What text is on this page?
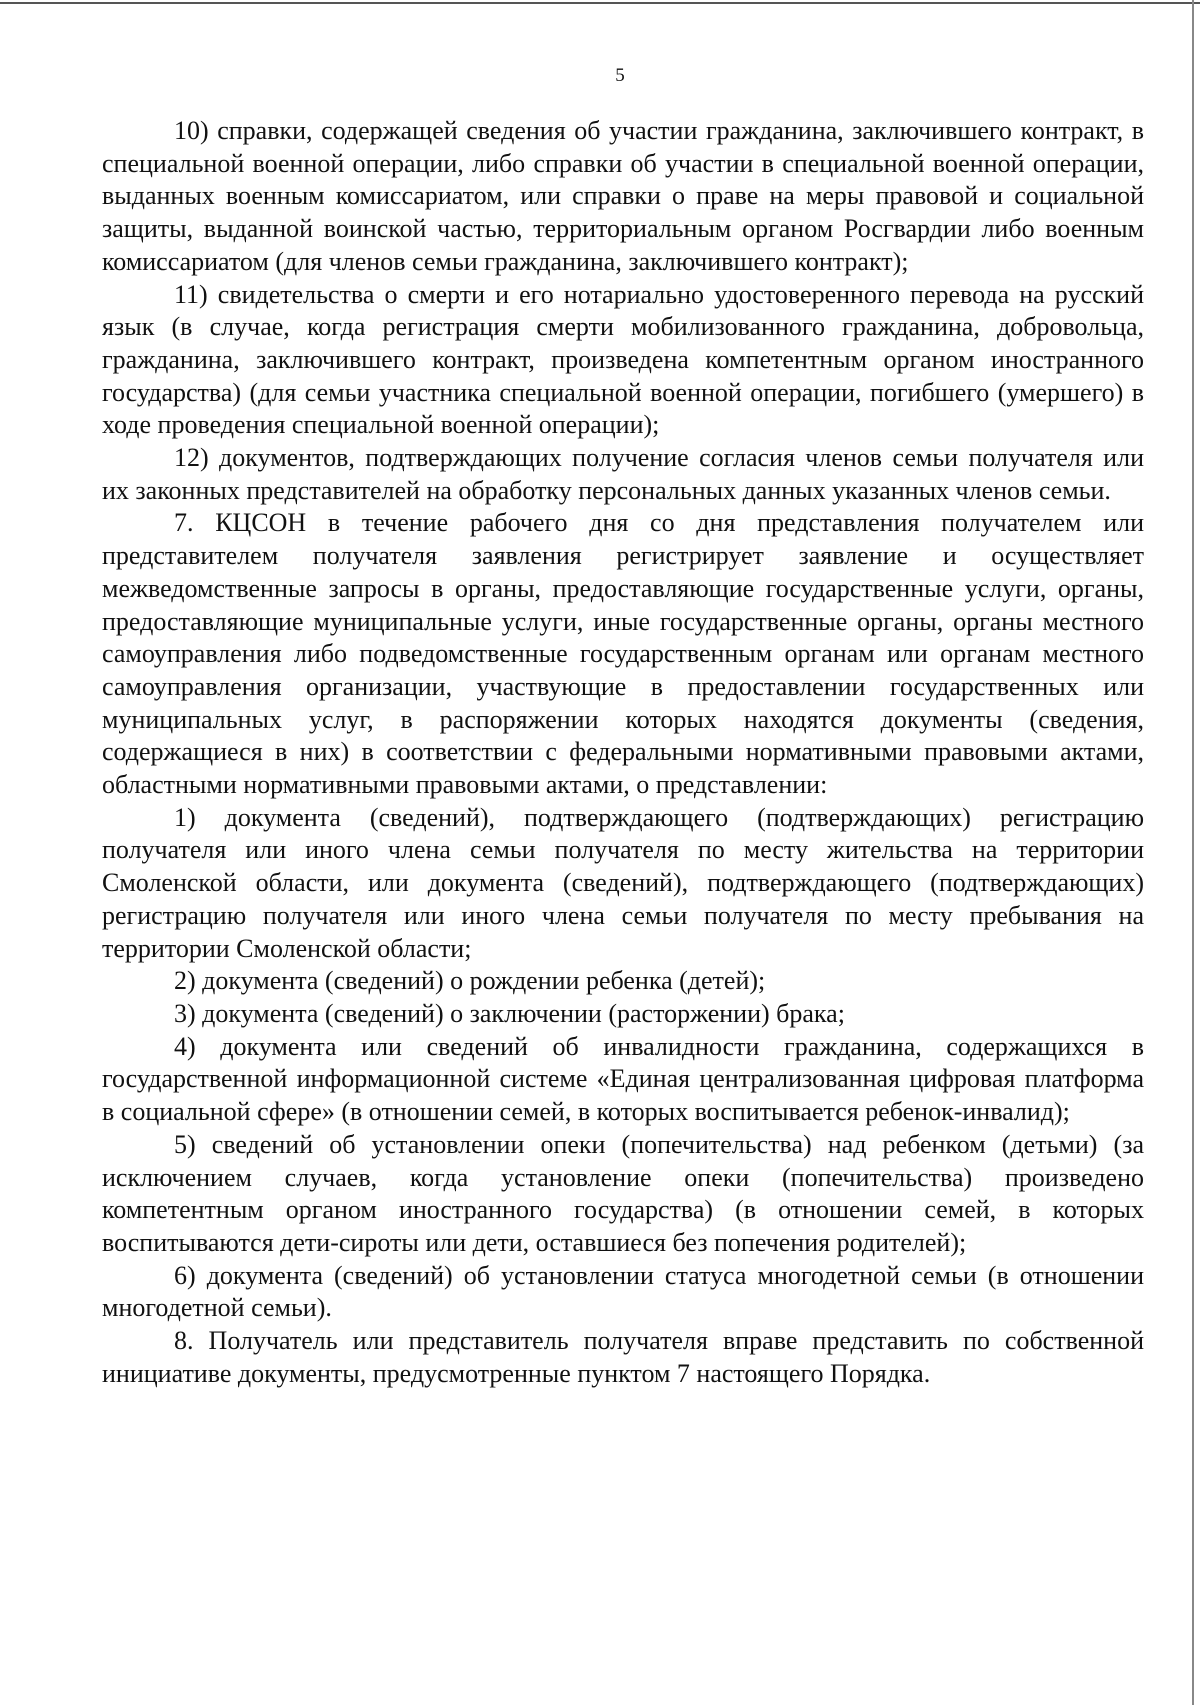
5

10) справки, содержащей сведения об участии гражданина, заключившего контракт, в специальной военной операции, либо справки об участии в специальной военной операции, выданных военным комиссариатом, или справки о праве на меры правовой и социальной защиты, выданной воинской частью, территориальным органом Росгвардии либо военным комиссариатом (для членов семьи гражданина, заключившего контракт);

11) свидетельства о смерти и его нотариально удостоверенного перевода на русский язык (в случае, когда регистрация смерти мобилизованного гражданина, добровольца, гражданина, заключившего контракт, произведена компетентным органом иностранного государства) (для семьи участника специальной военной операции, погибшего (умершего) в ходе проведения специальной военной операции);

12) документов, подтверждающих получение согласия членов семьи получателя или их законных представителей на обработку персональных данных указанных членов семьи.

7. КЦСОН в течение рабочего дня со дня представления получателем или представителем получателя заявления регистрирует заявление и осуществляет межведомственные запросы в органы, предоставляющие государственные услуги, органы, предоставляющие муниципальные услуги, иные государственные органы, органы местного самоуправления либо подведомственные государственным органам или органам местного самоуправления организации, участвующие в предоставлении государственных или муниципальных услуг, в распоряжении которых находятся документы (сведения, содержащиеся в них) в соответствии с федеральными нормативными правовыми актами, областными нормативными правовыми актами, о представлении:

1) документа (сведений), подтверждающего (подтверждающих) регистрацию получателя или иного члена семьи получателя по месту жительства на территории Смоленской области, или документа (сведений), подтверждающего (подтверждающих) регистрацию получателя или иного члена семьи получателя по месту пребывания на территории Смоленской области;

2) документа (сведений) о рождении ребенка (детей);

3) документа (сведений) о заключении (расторжении) брака;

4) документа или сведений об инвалидности гражданина, содержащихся в государственной информационной системе «Единая централизованная цифровая платформа в социальной сфере» (в отношении семей, в которых воспитывается ребенок-инвалид);

5) сведений об установлении опеки (попечительства) над ребенком (детьми) (за исключением случаев, когда установление опеки (попечительства) произведено компетентным органом иностранного государства) (в отношении семей, в которых воспитываются дети-сироты или дети, оставшиеся без попечения родителей);

6) документа (сведений) об установлении статуса многодетной семьи (в отношении многодетной семьи).

8. Получатель или представитель получателя вправе представить по собственной инициативе документы, предусмотренные пунктом 7 настоящего Порядка.
